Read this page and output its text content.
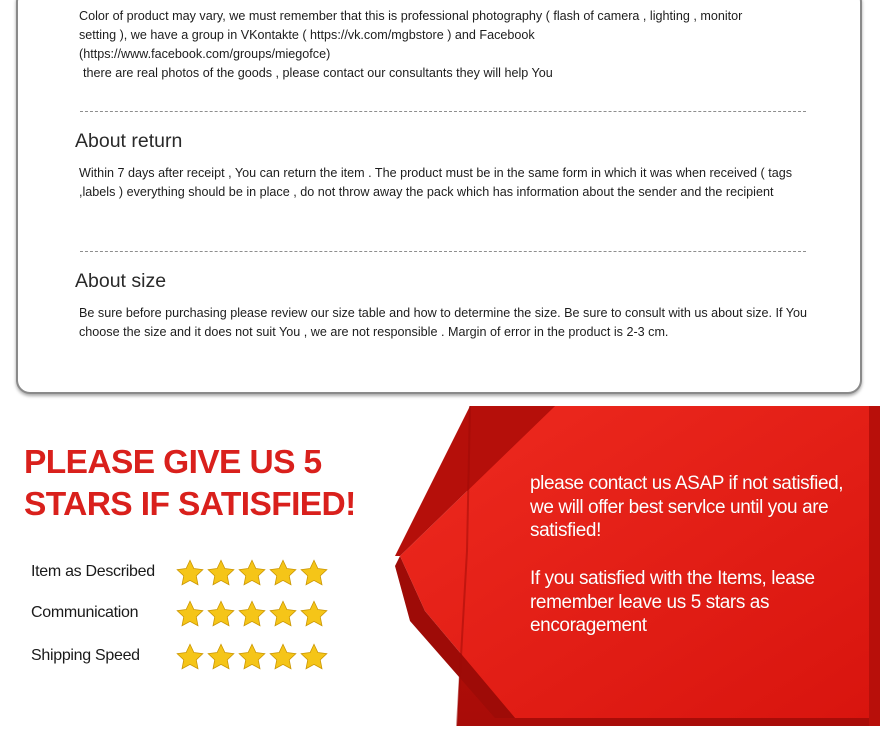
Color of product may vary, we must remember that this is professional photography ( flash of camera , lighting , monitor
setting ), we have a group in VKontakte ( https://vk.com/mgbstore ) and Facebook
(https://www.facebook.com/groups/miegofce)
there are real photos of the goods , please contact our consultants they will help You

About return

Within 7 days after receipt , You can return the item . The product must be in the same form in which it was when received ( tags ,labels ) everything should be in place , do not throw away the pack which has information about the sender and the recipient

About size

Be sure before purchasing please review our size table and how to determine the size. Be sure to consult with us about size. If You choose the size and it does not suit You , we are not responsible . Margin of error in the product is 2-3 cm.

PLEASE GIVE US 5
STARS IF SATISFIED!
Item as Described
Communication
Shipping Speed

please contact us ASAP if not satisfied, we will offer best servlce until you are satisfied!

If you satisfied with the Items, lease remember leave us 5 stars as encoragement
